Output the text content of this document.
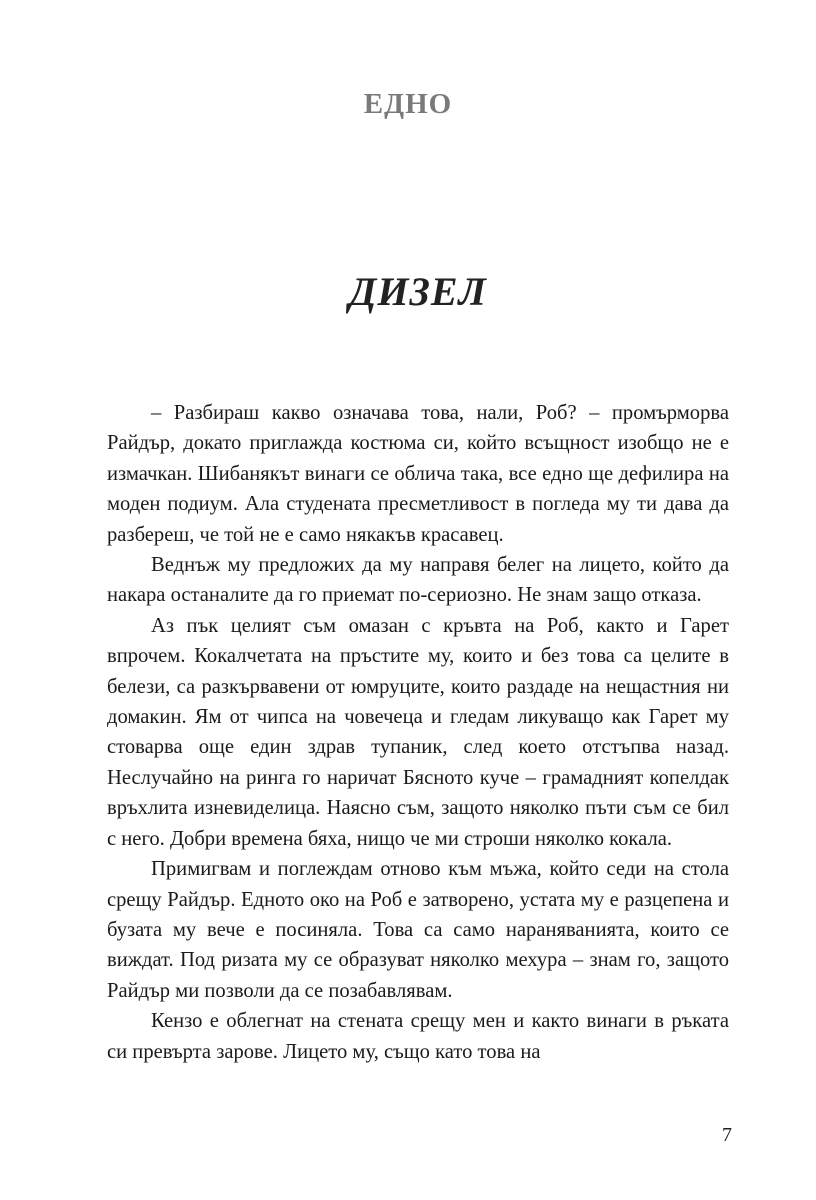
ЕДНО
ДИЗЕЛ

– Разбираш какво означава това, нали, Роб? – промърморва Райдър, докато приглажда костюма си, който всъщност изобщо не е измачкан. Шибанякът винаги се облича така, все едно ще дефилира на моден подиум. Ала студената пресметливост в погледа му ти дава да разбереш, че той не е само някакъв красавец.

Веднъж му предложих да му направя белег на лицето, който да накара останалите да го приемат по-сериозно. Не знам защо отказа.

Аз пък целият съм омазан с кръвта на Роб, както и Гарет впрочем. Кокалчетата на пръстите му, които и без това са целите в белези, са разкървавени от юмруците, които раздаде на нещастния ни домакин. Ям от чипса на човечеца и гледам ликуващо как Гарет му стоварва още един здрав тупаник, след което отстъпва назад. Неслучайно на ринга го наричат Бясното куче – грамадният копелдак връхлита изневиделица. Наясно съм, защото няколко пъти съм се бил с него. Добри времена бяха, нищо че ми строши няколко кокала.

Примигвам и поглеждам отново към мъжа, който седи на стола срещу Райдър. Едното око на Роб е затворено, устата му е разцепена и бузата му вече е посиняла. Това са само нараняванията, които се виждат. Под ризата му се образуват няколко мехура – знам го, защото Райдър ми позволи да се позабавлявам.

Кензо е облегнат на стената срещу мен и както винаги в ръката си превърта зарове. Лицето му, също като това на

7
